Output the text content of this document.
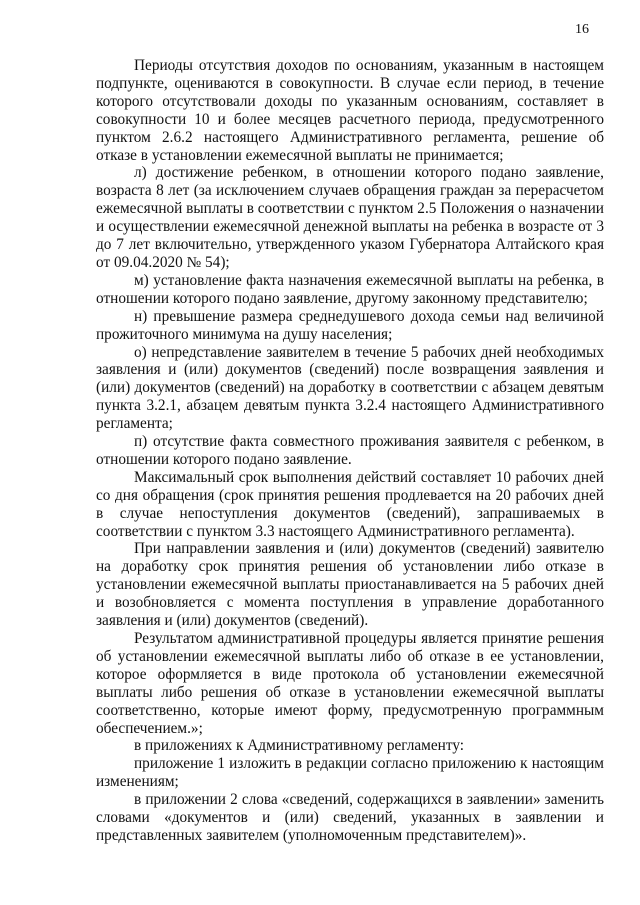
16

Периоды отсутствия доходов по основаниям, указанным в настоящем подпункте, оцениваются в совокупности. В случае если период, в течение которого отсутствовали доходы по указанным основаниям, составляет в совокупности 10 и более месяцев расчетного периода, предусмотренного пунктом 2.6.2 настоящего Административного регламента, решение об отказе в установлении ежемесячной выплаты не принимается;

л) достижение ребенком, в отношении которого подано заявление, возраста 8 лет (за исключением случаев обращения граждан за перерасчетом ежемесячной выплаты в соответствии с пунктом 2.5 Положения о назначении и осуществлении ежемесячной денежной выплаты на ребенка в возрасте от 3 до 7 лет включительно, утвержденного указом Губернатора Алтайского края от 09.04.2020 № 54);

м) установление факта назначения ежемесячной выплаты на ребенка, в отношении которого подано заявление, другому законному представителю;

н) превышение размера среднедушевого дохода семьи над величиной прожиточного минимума на душу населения;

о) непредставление заявителем в течение 5 рабочих дней необходимых заявления и (или) документов (сведений) после возвращения заявления и (или) документов (сведений) на доработку в соответствии с абзацем девятым пункта 3.2.1, абзацем девятым пункта 3.2.4 настоящего Административного регламента;

п) отсутствие факта совместного проживания заявителя с ребенком, в отношении которого подано заявление.

Максимальный срок выполнения действий составляет 10 рабочих дней со дня обращения (срок принятия решения продлевается на 20 рабочих дней в случае непоступления документов (сведений), запрашиваемых в соответствии с пунктом 3.3 настоящего Административного регламента).

При направлении заявления и (или) документов (сведений) заявителю на доработку срок принятия решения об установлении либо отказе в установлении ежемесячной выплаты приостанавливается на 5 рабочих дней и возобновляется с момента поступления в управление доработанного заявления и (или) документов (сведений).

Результатом административной процедуры является принятие решения об установлении ежемесячной выплаты либо об отказе в ее установлении, которое оформляется в виде протокола об установлении ежемесячной выплаты либо решения об отказе в установлении ежемесячной выплаты соответственно, которые имеют форму, предусмотренную программным обеспечением.»;

в приложениях к Административному регламенту:

приложение 1 изложить в редакции согласно приложению к настоящим изменениям;

в приложении 2 слова «сведений, содержащихся в заявлении» заменить словами «документов и (или) сведений, указанных в заявлении и представленных заявителем (уполномоченным представителем)».
